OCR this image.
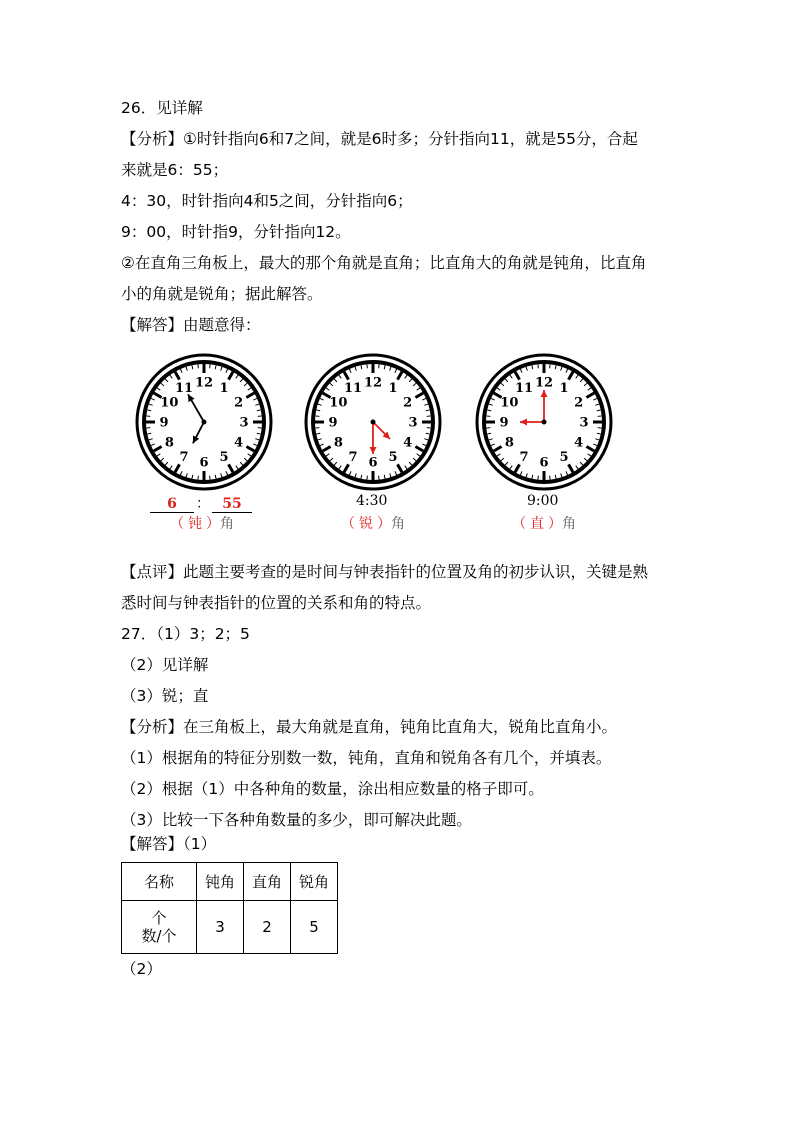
26．见详解
【分析】①时针指向6和7之间，就是6时多；分针指向11，就是55分，合起
来就是6：55；
4：30，时针指向4和5之间，分针指向6；
9：00，时针指9，分针指向12。
②在直角三角板上，最大的那个角就是直角；比直角大的角就是钝角，比直角
小的角就是锐角；据此解答。
【解答】由题意得：
12 1
2
3
4
5
6
7
8
9
10
11	12 1
2
3
4
5
6
7
8
9
10
11	12 1
2
3
4
5
6
7
8
9
10
11
6 ： 55
（ 钝 ）角
4:30
（ 锐 ）角
9:00
（ 直 ）角
【点评】此题主要考查的是时间与钟表指针的位置及角的初步认识，关键是熟
悉时间与钟表指针的位置的关系和角的特点。
27．（1）3；2；5
（2）见详解
（3）锐；直
【分析】在三角板上，最大角就是直角，钝角比直角大，锐角比直角小。
（1）根据角的特征分别数一数，钝角，直角和锐角各有几个，并填表。
（2）根据（1）中各种角的数量，涂出相应数量的格子即可。
（3）比较一下各种角数量的多少，即可解决此题。
【解答】（1）
名称	钝角	直角	锐角

个
数/个	3	2	5
（2）
